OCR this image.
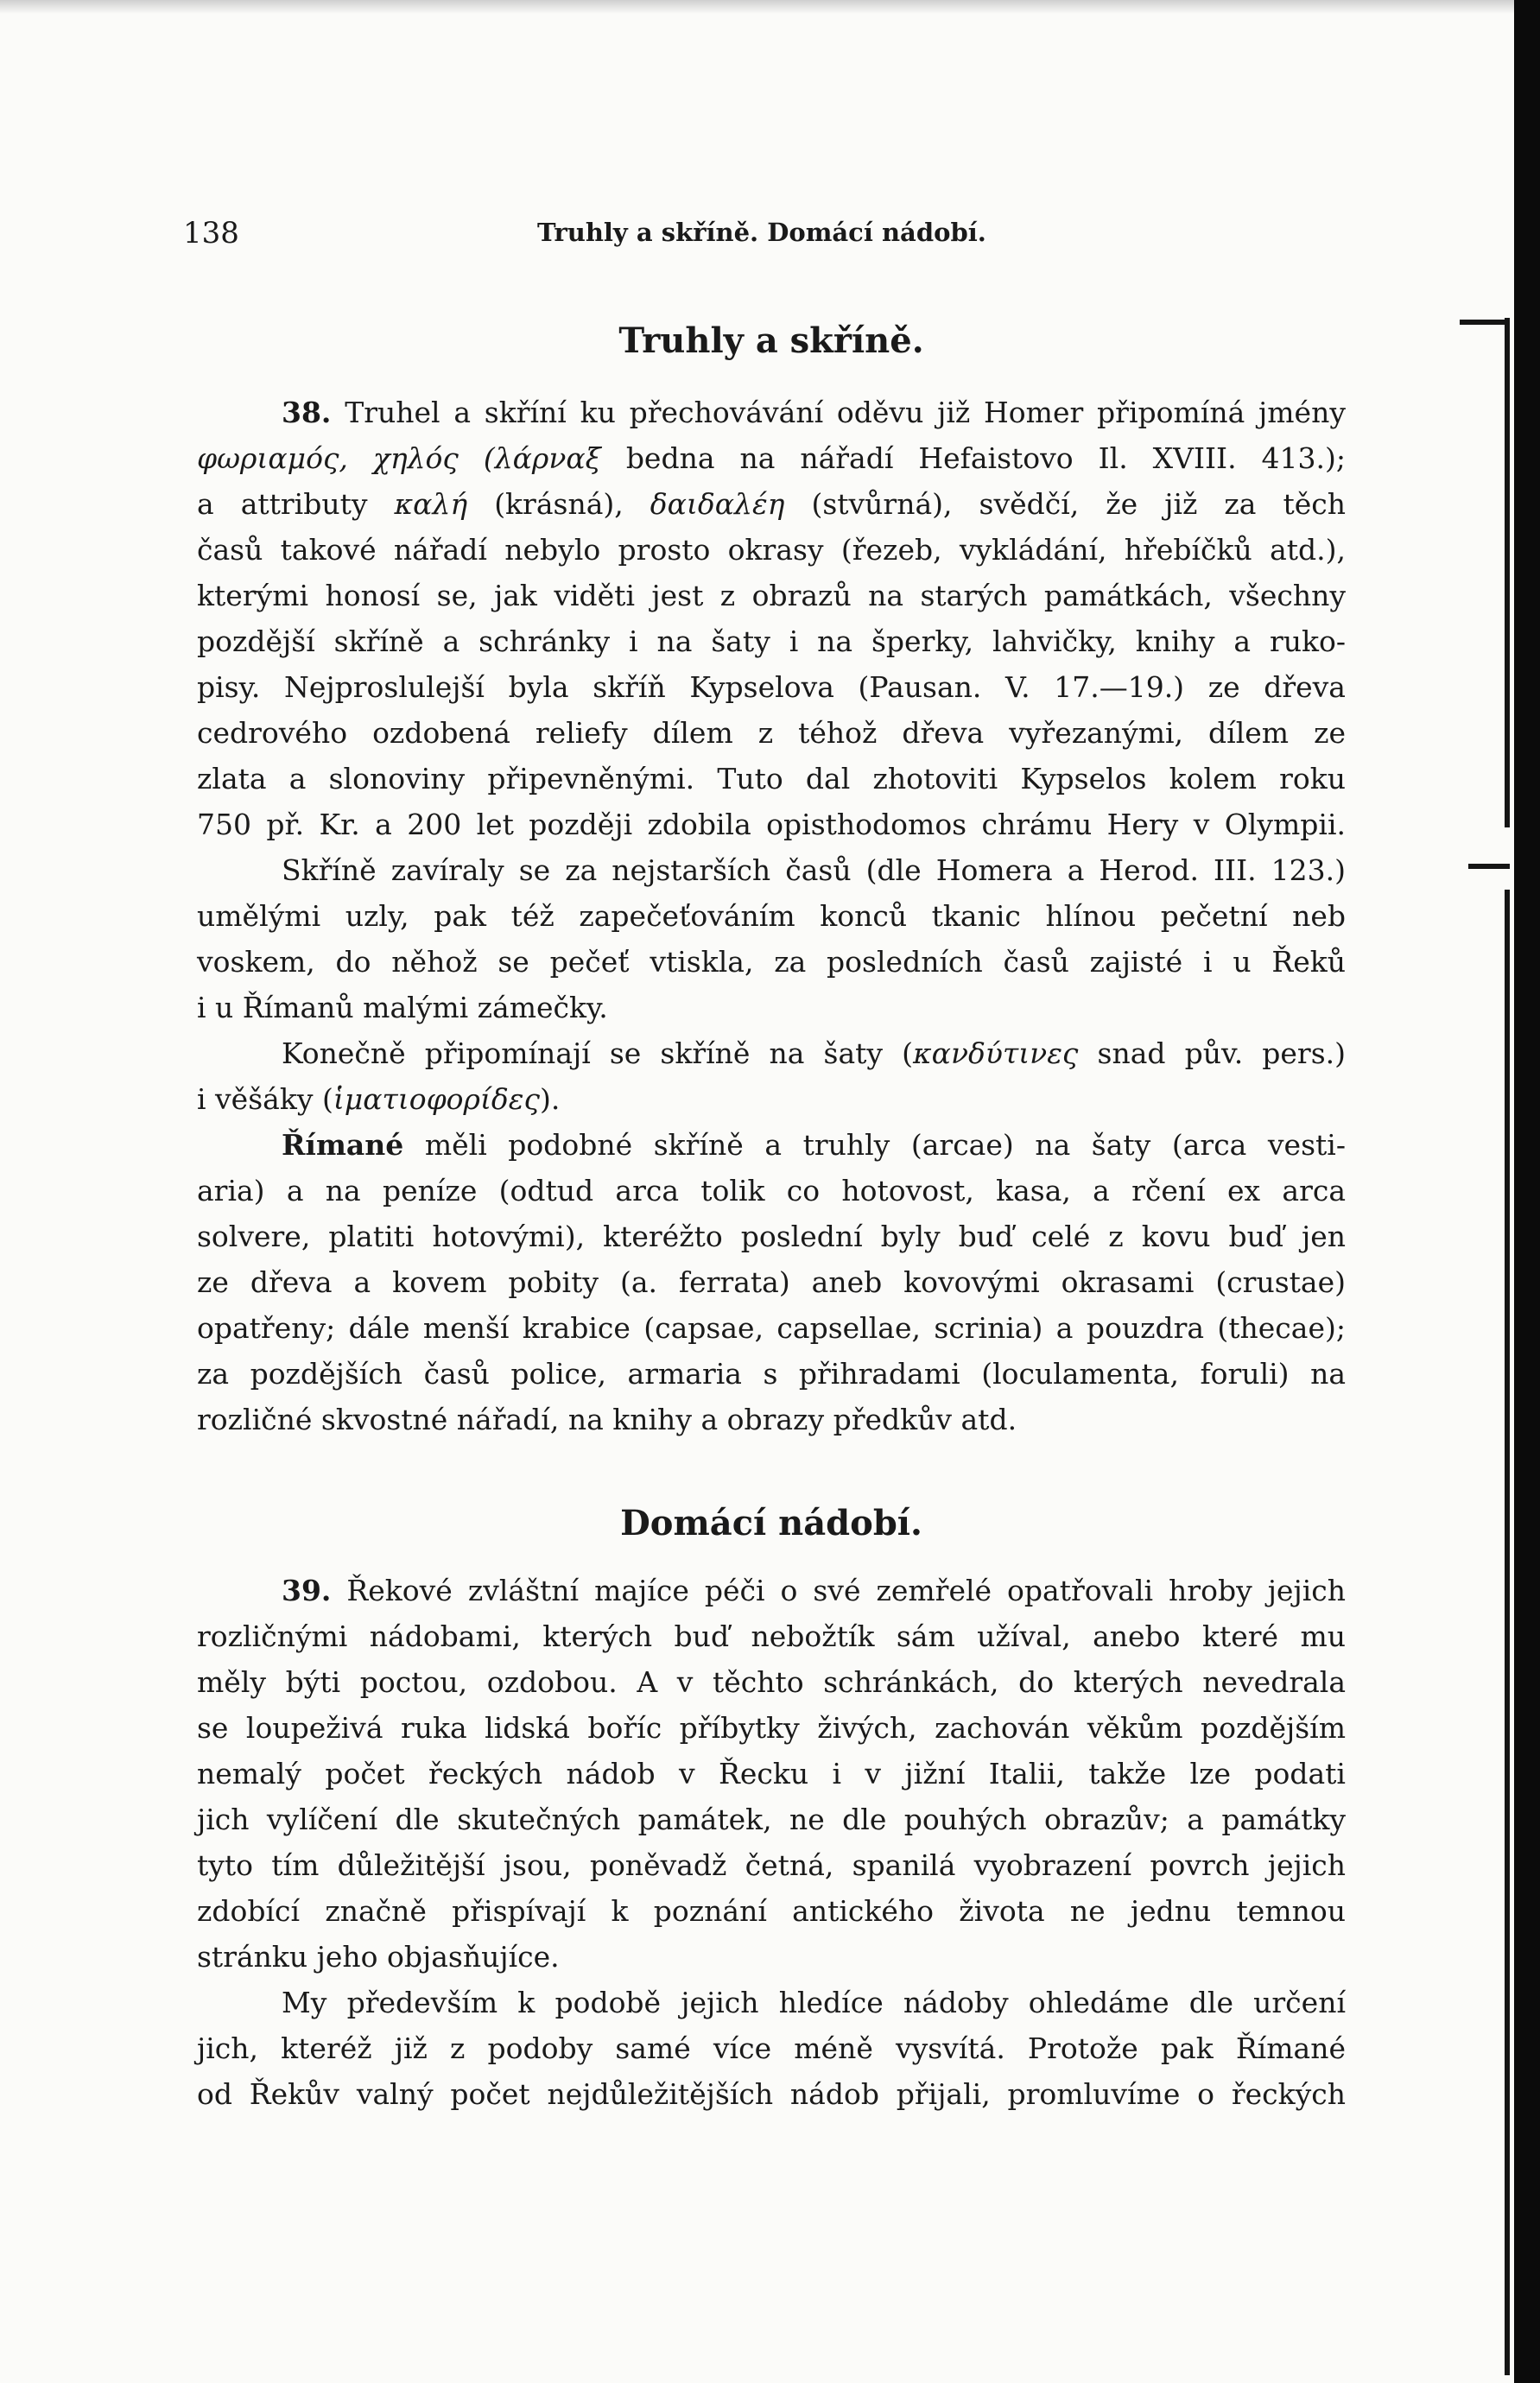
138	Truhly a skříně. Domácí nádobí.
Truhly a skříně.

38. Truhel a skříní ku přechovávání oděvu již Homer připomíná jmény

φωριαμός, χηλός (λάρναξ bedna na nářadí Hefaistovo Il. XVIII. 413.);

a attributy καλή (krásná), δαιδαλέη (stvůrná), svědčí, že již za těch

časů takové nářadí nebylo prosto okrasy (řezeb, vykládání, hřebíčků atd.),

kterými honosí se, jak viděti jest z obrazů na starých památkách, všechny

pozdější skříně a schránky i na šaty i na šperky, lahvičky, knihy a ruko-

pisy. Nejproslulejší byla skříň Kypselova (Pausan. V. 17.—19.) ze dřeva

cedrového ozdobená reliefy dílem z téhož dřeva vyřezanými, dílem ze

zlata a slonoviny připevněnými. Tuto dal zhotoviti Kypselos kolem roku

750 př. Kr. a 200 let později zdobila opisthodomos chrámu Hery v Olympii.

Skříně zavíraly se za nejstarších časů (dle Homera a Herod. III. 123.)

umělými uzly, pak též zapečeťováním konců tkanic hlínou pečetní neb

voskem, do něhož se pečeť vtiskla, za posledních časů zajisté i u Řeků

i u Římanů malými zámečky.

Konečně připomínají se skříně na šaty (κανδύτινες snad pův. pers.)

i věšáky (ἱματιοφορίδες).

Římané měli podobné skříně a truhly (arcae) na šaty (arca vesti-

aria) a na peníze (odtud arca tolik co hotovost, kasa, a rčení ex arca

solvere, platiti hotovými), kteréžto poslední byly buď celé z kovu buď jen

ze dřeva a kovem pobity (a. ferrata) aneb kovovými okrasami (crustae)

opatřeny; dále menší krabice (capsae, capsellae, scrinia) a pouzdra (thecae);

za pozdějších časů police, armaria s přihradami (loculamenta, foruli) na

rozličné skvostné nářadí, na knihy a obrazy předkův atd.

Domácí nádobí.

39. Řekové zvláštní majíce péči o své zemřelé opatřovali hroby jejich

rozličnými nádobami, kterých buď nebožtík sám užíval, anebo které mu

měly býti poctou, ozdobou. A v těchto schránkách, do kterých nevedrala

se loupeživá ruka lidská boříc příbytky živých, zachován věkům pozdějším

nemalý počet řeckých nádob v Řecku i v jižní Italii, takže lze podati

jich vylíčení dle skutečných památek, ne dle pouhých obrazův; a památky

tyto tím důležitější jsou, poněvadž četná, spanilá vyobrazení povrch jejich

zdobící značně přispívají k poznání antického života ne jednu temnou

stránku jeho objasňujíce.

My především k podobě jejich hledíce nádoby ohledáme dle určení

jich, kteréž již z podoby samé více méně vysvítá. Protože pak Římané

od Řekův valný počet nejdůležitějších nádob přijali, promluvíme o řeckých
